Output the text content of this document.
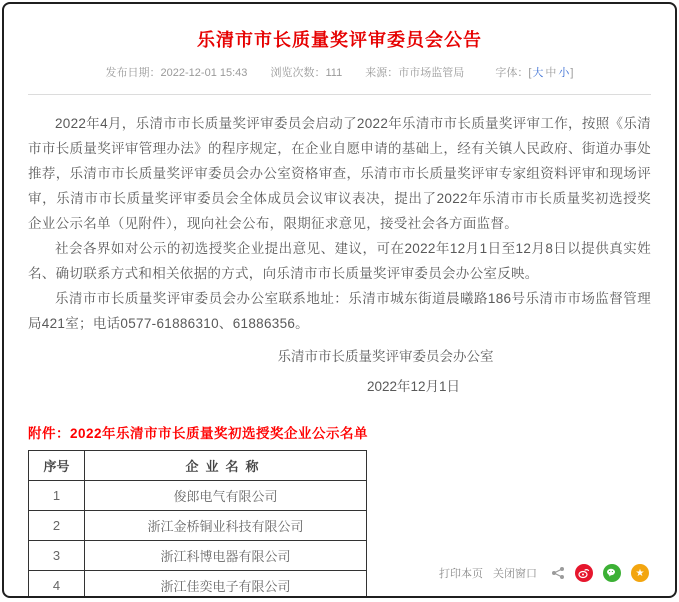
乐清市市长质量奖评审委员会公告
发布日期：2022-12-01 15:43 浏览次数：111 来源：市市场监管局	字体：[大 中 小]

2022年4月，乐清市市长质量奖评审委员会启动了2022年乐清市市长质量奖评审工作，按照《乐清市市长质量奖评审管理办法》的程序规定，在企业自愿申请的基础上，经有关镇人民政府、街道办事处推荐，乐清市市长质量奖评审委员会办公室资格审查，乐清市市长质量奖评审专家组资料评审和现场评审，乐清市市长质量奖评审委员会全体成员会议审议表决，提出了2022年乐清市市长质量奖初选授奖企业公示名单（见附件），现向社会公布，限期征求意见，接受社会各方面监督。

社会各界如对公示的初选授奖企业提出意见、建议，可在2022年12月1日至12月8日以提供真实姓名、确切联系方式和相关依据的方式，向乐清市市长质量奖评审委员会办公室反映。

乐清市市长质量奖评审委员会办公室联系地址：乐清市城东街道晨曦路186号乐清市市场监督管理局421室；电话0577-61886310、61886356。

乐清市市长质量奖评审委员会办公室
2022年12月1日
附件：2022年乐清市市长质量奖初选授奖企业公示名单
序号	企业名称
1	俊郎电气有限公司
2	浙江金桥铜业科技有限公司
3	浙江科博电器有限公司
4	浙江佳奕电子有限公司
打印本页 关闭窗口	★
